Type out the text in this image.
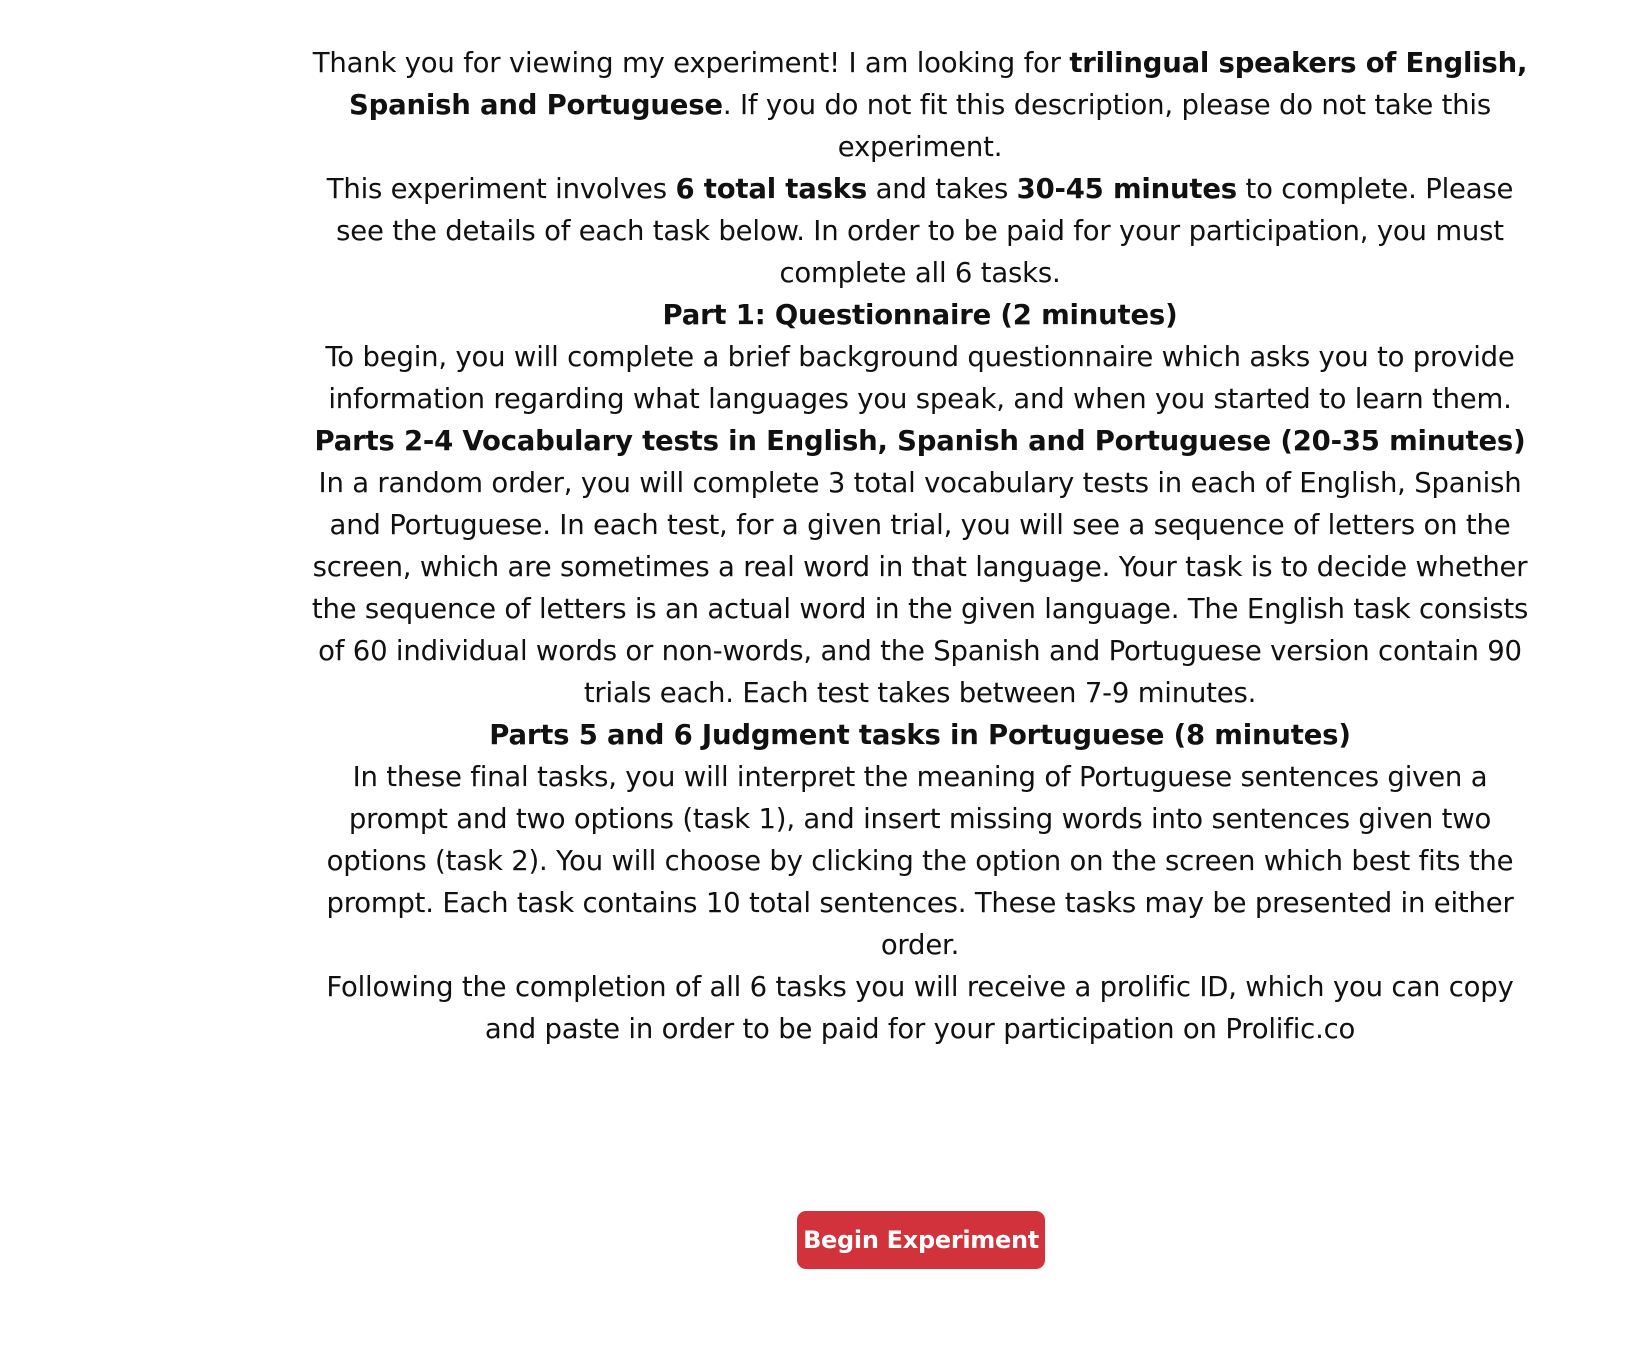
Thank you for viewing my experiment! I am looking for trilingual speakers of English, Spanish and Portuguese. If you do not fit this description, please do not take this experiment.

This experiment involves 6 total tasks and takes 30-45 minutes to complete. Please see the details of each task below. In order to be paid for your participation, you must complete all 6 tasks.

Part 1: Questionnaire (2 minutes)

To begin, you will complete a brief background questionnaire which asks you to provide information regarding what languages you speak, and when you started to learn them.

Parts 2-4 Vocabulary tests in English, Spanish and Portuguese (20-35 minutes)

In a random order, you will complete 3 total vocabulary tests in each of English, Spanish and Portuguese. In each test, for a given trial, you will see a sequence of letters on the screen, which are sometimes a real word in that language. Your task is to decide whether the sequence of letters is an actual word in the given language. The English task consists of 60 individual words or non-words, and the Spanish and Portuguese version contain 90 trials each. Each test takes between 7-9 minutes.

Parts 5 and 6 Judgment tasks in Portuguese (8 minutes)

In these final tasks, you will interpret the meaning of Portuguese sentences given a prompt and two options (task 1), and insert missing words into sentences given two options (task 2). You will choose by clicking the option on the screen which best fits the prompt. Each task contains 10 total sentences. These tasks may be presented in either order.

Following the completion of all 6 tasks you will receive a prolific ID, which you can copy and paste in order to be paid for your participation on Prolific.co

Begin Experiment
